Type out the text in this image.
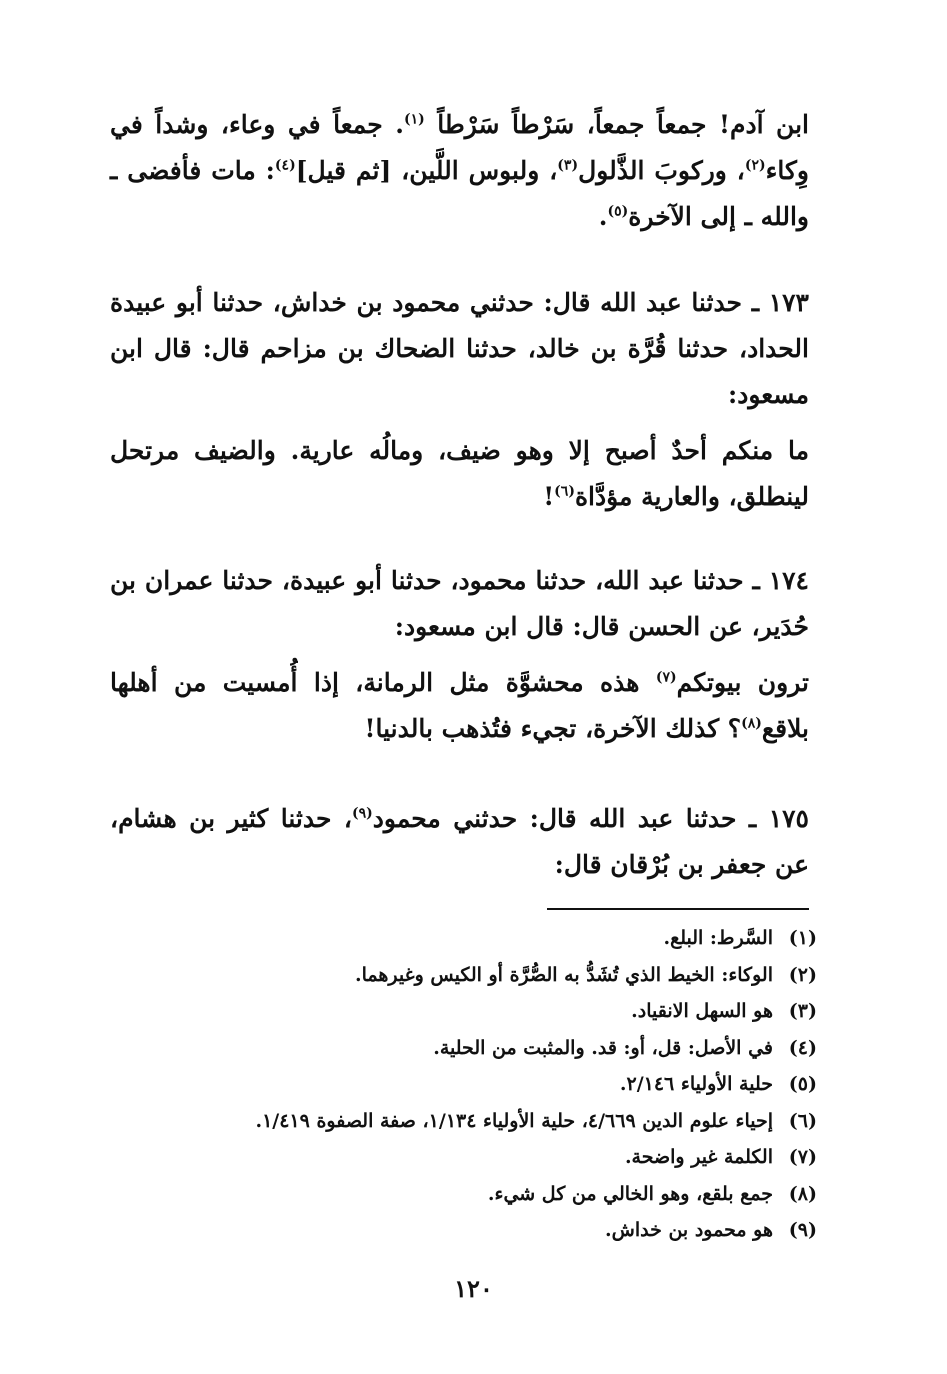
ابن آدم! جمعاً جمعاً، سَرْطاً سَرْطاً $^{(١)}$. جمعاً في وعاء، وشداً في وِكاء$^{(٢)}$، وركوبَ الذَّلول$^{(٣)}$، ولبوس اللَّين، [ثم قيل]$^{(٤)}$: مات فأفضى ـ والله ـ إلى الآخرة$^{(٥)}$.

١٧٣ ـ حدثنا عبد الله قال: حدثني محمود بن خداش، حدثنا أبو عبيدة الحداد، حدثنا قُرَّة بن خالد، حدثنا الضحاك بن مزاحم قال: قال ابن مسعود:

ما منكم أحدٌ أصبح إلا وهو ضيف، ومالُه عارية. والضيف مرتحل لينطلق، والعارية مؤدَّاة$^{(٦)}$!

١٧٤ ـ حدثنا عبد الله، حدثنا محمود، حدثنا أبو عبيدة، حدثنا عمران بن حُدَير، عن الحسن قال: قال ابن مسعود:

ترون بيوتكم$^{(٧)}$ هذه محشوَّة مثل الرمانة، إذا أُمسيت من أهلها بلاقع$^{(٨)}$؟ كذلك الآخرة، تجيء فتُذهب بالدنيا!

١٧٥ ـ حدثنا عبد الله قال: حدثني محمود$^{(٩)}$، حدثنا كثير بن هشام، عن جعفر بن بُرْقان قال:

(١)
السَّرط: البلع.
(٢)
الوكاء: الخيط الذي تُشَدُّ به الصُّرَّة أو الكيس وغيرهما.
(٣)
هو السهل الانقياد.
(٤)
في الأصل: قل، أو: قد. والمثبت من الحلية.
(٥)
حلية الأولياء ٢/١٤٦.
(٦)
إحياء علوم الدين ٤/٦٦٩، حلية الأولياء ١/١٣٤، صفة الصفوة ١/٤١٩.
(٧)
الكلمة غير واضحة.
(٨)
جمع بلقع، وهو الخالي من كل شيء.
(٩)
هو محمود بن خداش.
١٢٠
